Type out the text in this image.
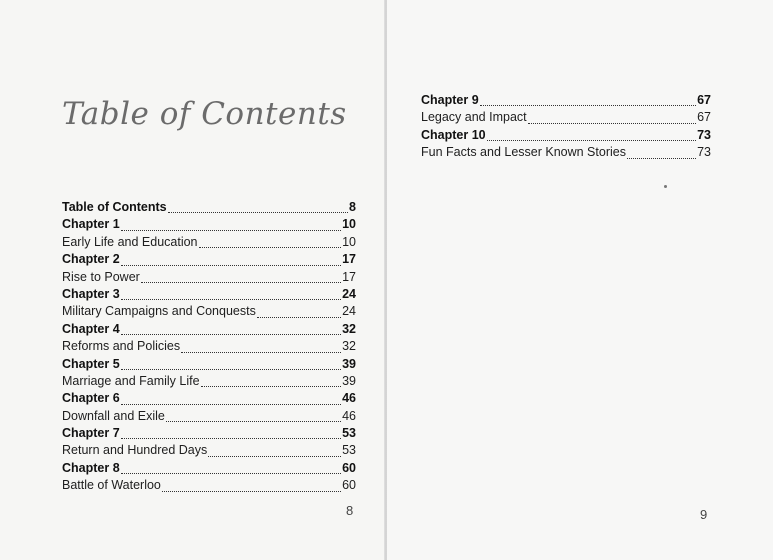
Table of Contents
Table of Contents	8
Chapter 1	10
Early Life and Education	10
Chapter 2	17
Rise to Power	17
Chapter 3	24
Military Campaigns and Conquests	24
Chapter 4	32
Reforms and Policies	32
Chapter 5	39
Marriage and Family Life	39
Chapter 6	46
Downfall and Exile	46
Chapter 7	53
Return and Hundred Days	53
Chapter 8	60
Battle of Waterloo	60
8	9
Chapter 9	67
Legacy and Impact	67
Chapter 10	73
Fun Facts and Lesser Known Stories	73
